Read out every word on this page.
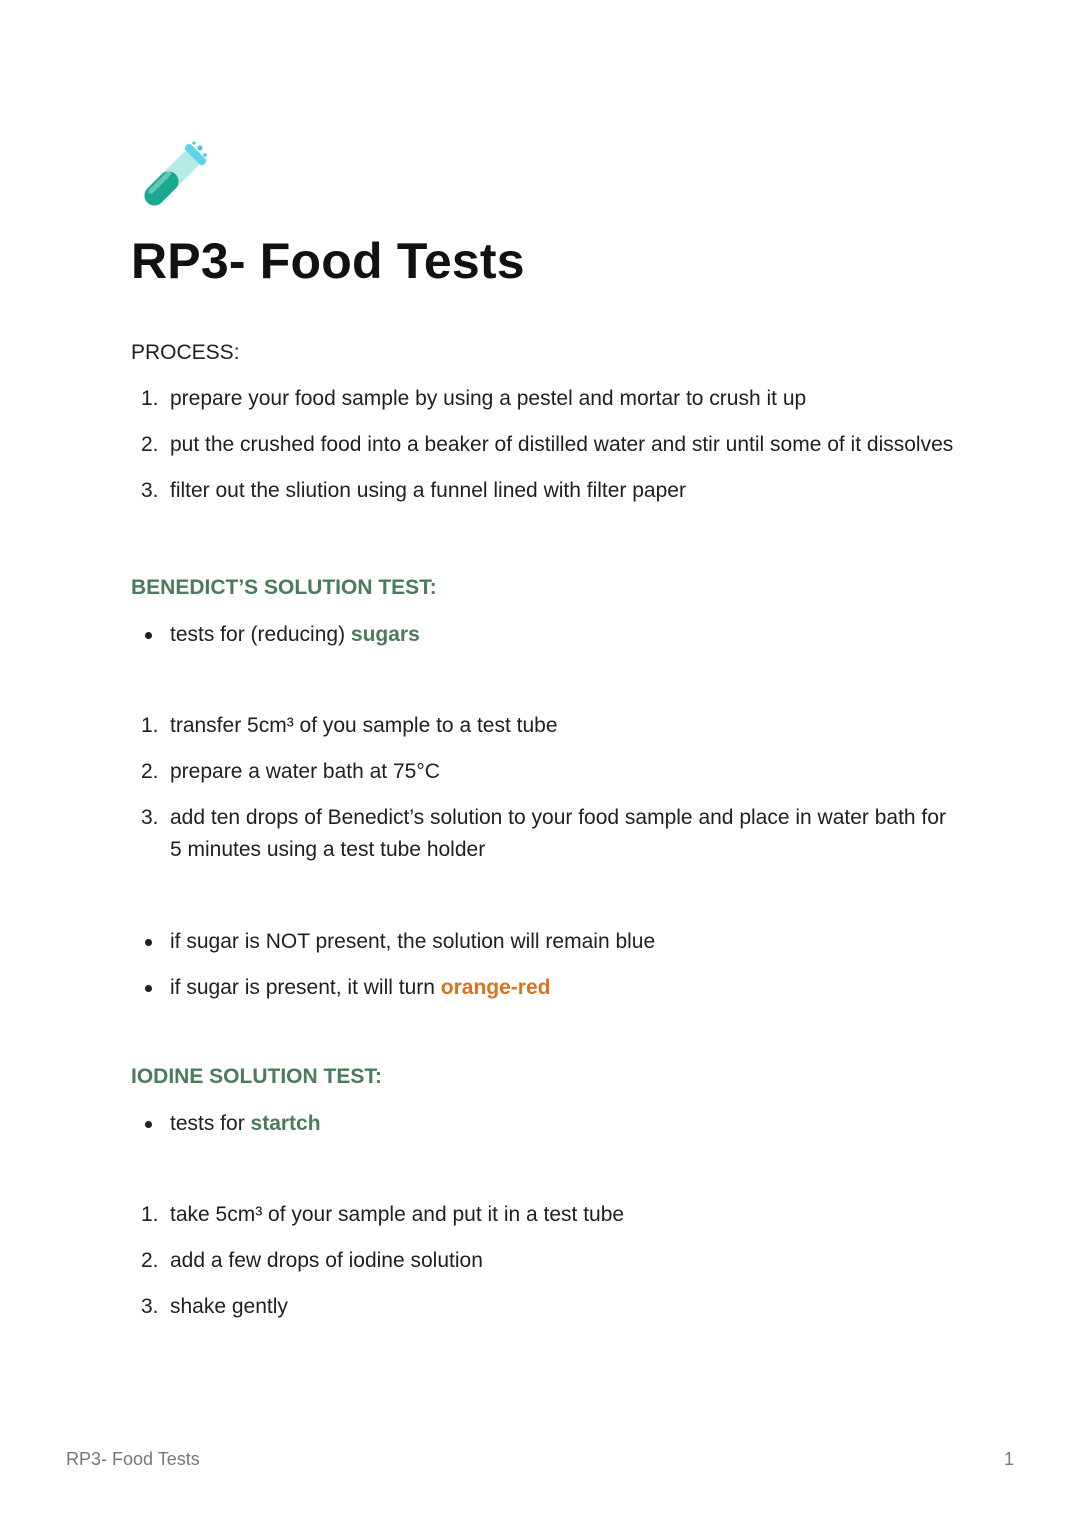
RP3- Food Tests

PROCESS:

1. prepare your food sample by using a pestel and mortar to crush it up
2. put the crushed food into a beaker of distilled water and stir until some of it dissolves
3. filter out the sliution using a funnel lined with filter paper
BENEDICT’S SOLUTION TEST:
tests for (reducing) sugars
1. transfer 5cm³ of you sample to a test tube
2. prepare a water bath at 75°C
3. add ten drops of Benedict’s solution to your food sample and place in water bath for 5 minutes using a test tube holder
if sugar is NOT present, the solution will remain blue
if sugar is present, it will turn orange-red
IODINE SOLUTION TEST:
tests for startch
1. take 5cm³ of your sample and put it in a test tube
2. add a few drops of iodine solution
3. shake gently
RP3- Food Tests	1
